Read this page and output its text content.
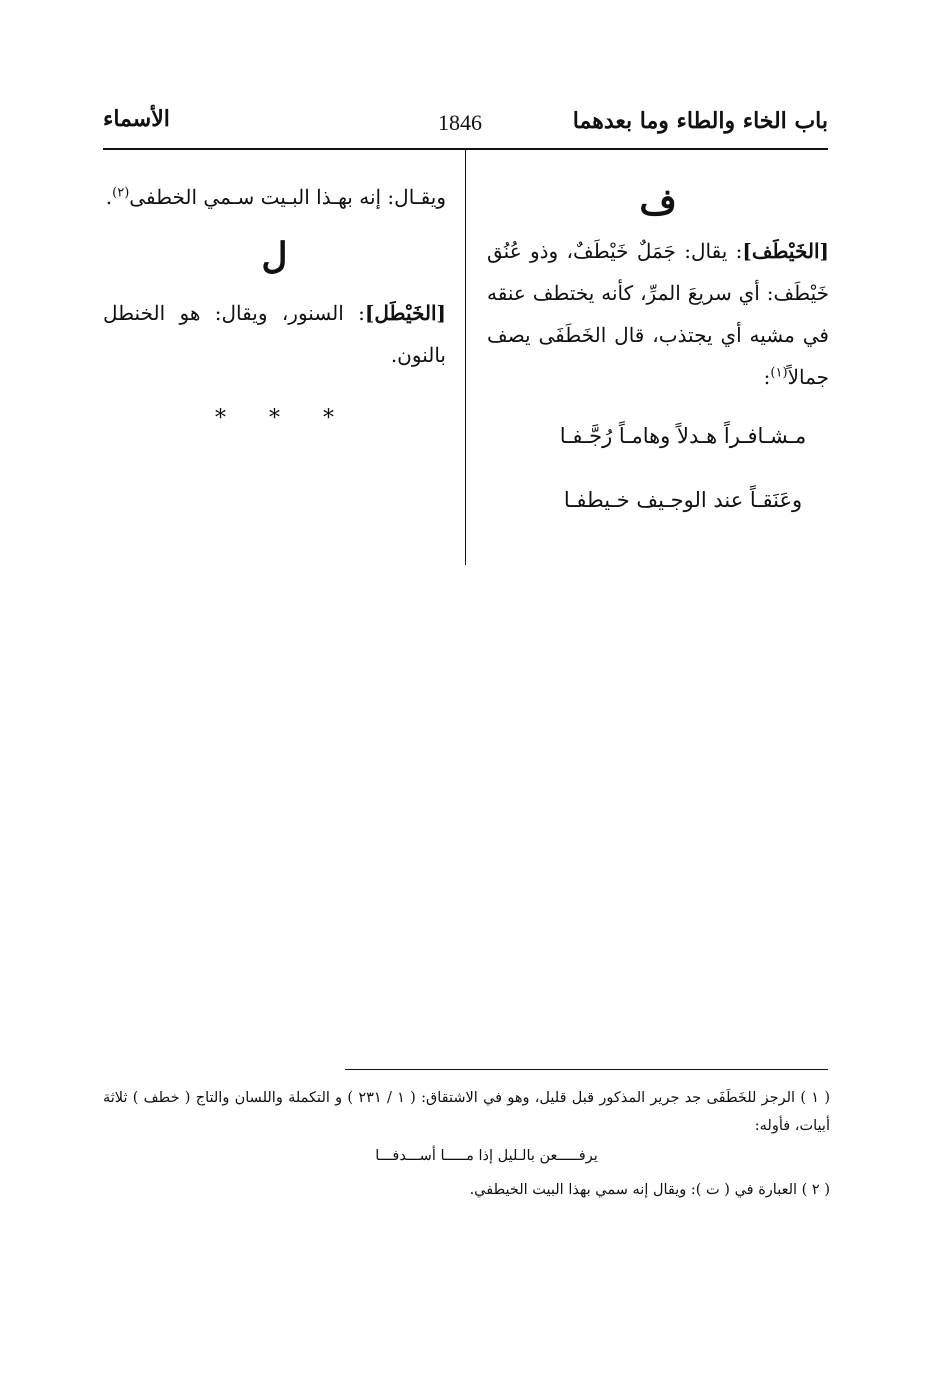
باب الخاء والطاء وما بعدهما
1846
الأسماء
ف
[الخَيْطَف]: يقال: جَمَلٌ خَيْطَفٌ، وذو عُنُق خَيْطَف: أي سريعَ المرِّ، كأنه يختطف عنقه في مشيه أي يجتذب، قال الخَطَفَى يصف جمالاً$^{(١)}$:
مـشـافـراً هـدلاً وهامـاً رُجَّـفـا
وعَنَقـاً عند الوجـيف خـيطفـا
ويقـال: إنه بهـذا البـيت سـمي الخطفى$^{(٢)}$.
ل
[الخَيْطَل]: السنور، ويقال: هو الخنطل بالنون.
* * *
( ١ ) الرجز للخَطَفَى جد جرير المذكور قبل قليل، وهو في الاشتقاق: ( ١ / ٢٣١ ) و التكملة واللسان والتاج ( خطف ) ثلاثة أبيات، فأوله:
يرفـــــعن بالـليل إذا مـــــا أســـدفـــا
( ٢ ) العبارة في ( ت ): ويقال إنه سمي بهذا البيت الخيطفي.
